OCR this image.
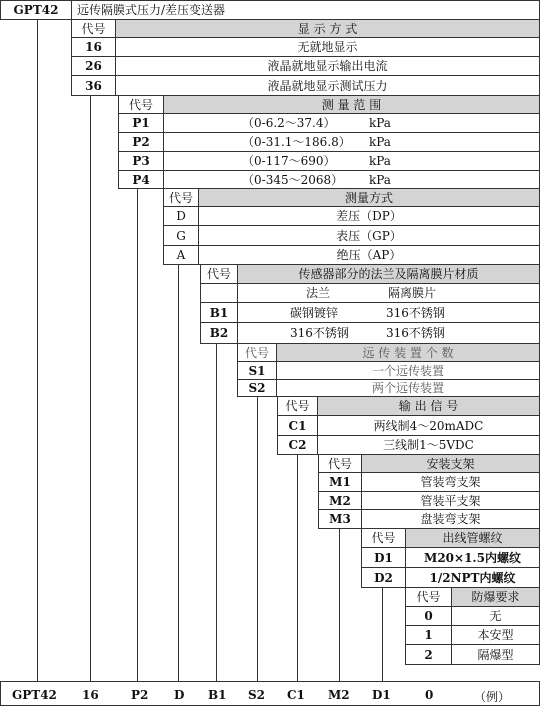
GPT42	远传隔膜式压力/差压变送器
代号	显 示 方 式
16	无就地显示
26	液晶就地显示输出电流
36	液晶就地显示测试压力
代号	测 量 范 围
P1	（0-6.2～37.4）	kPa
P2	（0-31.1～186.8） kPa
P3	（0-117～690）	kPa
P4	（0-345～2068） kPa
代号	测量方式
D	差压（DP）
G	表压（GP）
A	绝压（AP）
代号	传感器部分的法兰及隔离膜片材质
法兰	隔离膜片
B1	碳钢镀锌	316不锈钢
B2	316不锈钢	316不锈钢
代号	远 传 装 置 个 数
S1	一个远传装置
S2	两个远传装置
代号	输 出 信 号
C1	两线制4～20mADC
C2	三线制1～5VDC
代号	安装支架
M1	管装弯支架
M2	管装平支架
M3	盘装弯支架
代号	出线管螺纹
D1	M20×1.5内螺纹
D2	1/2NPT内螺纹
代号	防爆要求
0	无
1	本安型
2	隔爆型
GPT42 16	P2 D B1 S2 C1 M2 D1	0	（例）
